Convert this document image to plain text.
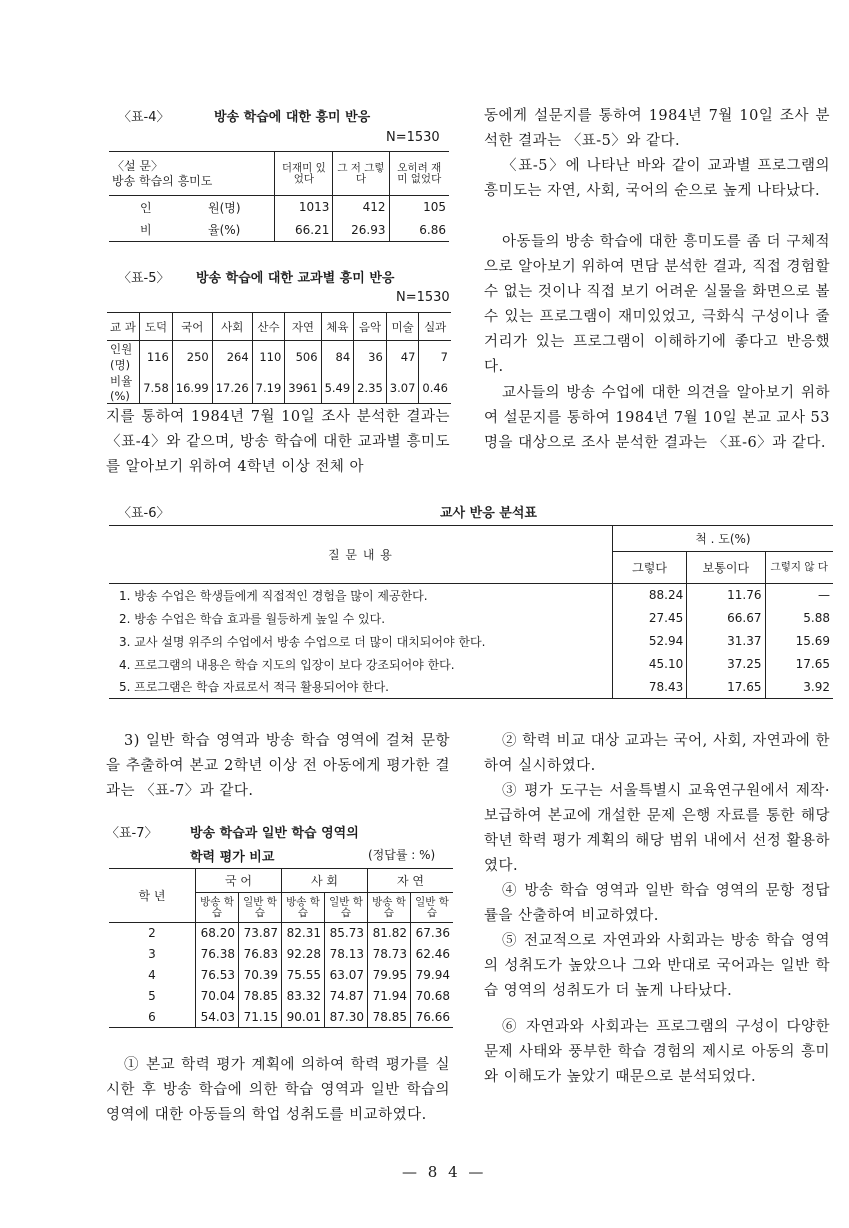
〈표-4〉	방송 학습에 대한 흥미 반응
N=1530
〈설 문〉
방송 학습의 흥미도	더재미 있었다	그 저 그렇다	오히려 재미 없었다
인 원(명)	1013	412	105
비 율(%)	66.21	26.93	6.86
〈표-5〉 방송 학습에 대한 교과별 흥미 반응
N=1530
교 과	도덕	국어	사회	산수	자연	체육	음악	미술	실과
인원(명)	116	250	264	110	506	84	36	47	7
비율(%)	7.58	16.99	17.26	7.19	3961	5.49	2.35	3.07	0.46
지를 통하여 1984년 7월 10일 조사 분석한 결과는 〈표-4〉와 같으며, 방송 학습에 대한 교과별 흥미도를 알아보기 위하여 4학년 이상 전체 아
동에게 설문지를 통하여 1984년 7월 10일 조사 분석한 결과는 〈표-5〉와 같다.
〈표-5〉에 나타난 바와 같이 교과별 프로그램의 흥미도는 자연, 사회, 국어의 순으로 높게 나타났다.
아동들의 방송 학습에 대한 흥미도를 좀 더 구체적으로 알아보기 위하여 면담 분석한 결과, 직접 경험할 수 없는 것이나 직접 보기 어려운 실물을 화면으로 볼 수 있는 프로그램이 재미있었고, 극화식 구성이나 줄거리가 있는 프로그램이 이해하기에 좋다고 반응했다.
교사들의 방송 수업에 대한 의견을 알아보기 위하여 설문지를 통하여 1984년 7월 10일 본교 교사 53명을 대상으로 조사 분석한 결과는 〈표-6〉과 같다.
〈표-6〉	교사 반응 분석표
질 문 내 용	척 . 도(%)		
	그렇다	보통이다	그렇지 않 다
1. 방송 수업은 학생들에게 직접적인 경험을 많이 제공한다.	88.24	11.76	—
2. 방송 수업은 학습 효과를 월등하게 높일 수 있다.	27.45	66.67	5.88
3. 교사 설명 위주의 수업에서 방송 수업으로 더 많이 대치되어야 한다.	52.94	31.37	15.69
4. 프로그램의 내용은 학습 지도의 입장이 보다 강조되어야 한다.	45.10	37.25	17.65
5. 프로그램은 학습 자료로서 적극 활용되어야 한다.	78.43	17.65	3.92
3) 일반 학습 영역과 방송 학습 영역에 걸쳐 문항을 추출하여 본교 2학년 이상 전 아동에게 평가한 결과는 〈표-7〉과 같다.
〈표-7〉 방송 학습과 일반 학습 영역의
학력 평가 비교	(정답률 : %)
학 년	국 어		사 회		자 연	
	방송 학습	일반 학습	방송 학습	일반 학습	방송 학습	일반 학습
2	68.20	73.87	82.31	85.73	81.82	67.36
3	76.38	76.83	92.28	78.13	78.73	62.46
4	76.53	70.39	75.55	63.07	79.95	79.94
5	70.04	78.85	83.32	74.87	71.94	70.68
6	54.03	71.15	90.01	87.30	78.85	76.66
① 본교 학력 평가 계획에 의하여 학력 평가를 실시한 후 방송 학습에 의한 학습 영역과 일반 학습의 영역에 대한 아동들의 학업 성취도를 비교하였다.
② 학력 비교 대상 교과는 국어, 사회, 자연과에 한하여 실시하였다.
③ 평가 도구는 서울특별시 교육연구원에서 제작·보급하여 본교에 개설한 문제 은행 자료를 통한 해당 학년 학력 평가 계획의 해당 범위 내에서 선정 활용하였다.
④ 방송 학습 영역과 일반 학습 영역의 문항 정답률을 산출하여 비교하였다.
⑤ 전교적으로 자연과와 사회과는 방송 학습 영역의 성취도가 높았으나 그와 반대로 국어과는 일반 학습 영역의 성취도가 더 높게 나타났다.
⑥ 자연과와 사회과는 프로그램의 구성이 다양한 문제 사태와 풍부한 학습 경험의 제시로 아동의 흥미와 이해도가 높았기 때문으로 분석되었다.
— 8 4 —
